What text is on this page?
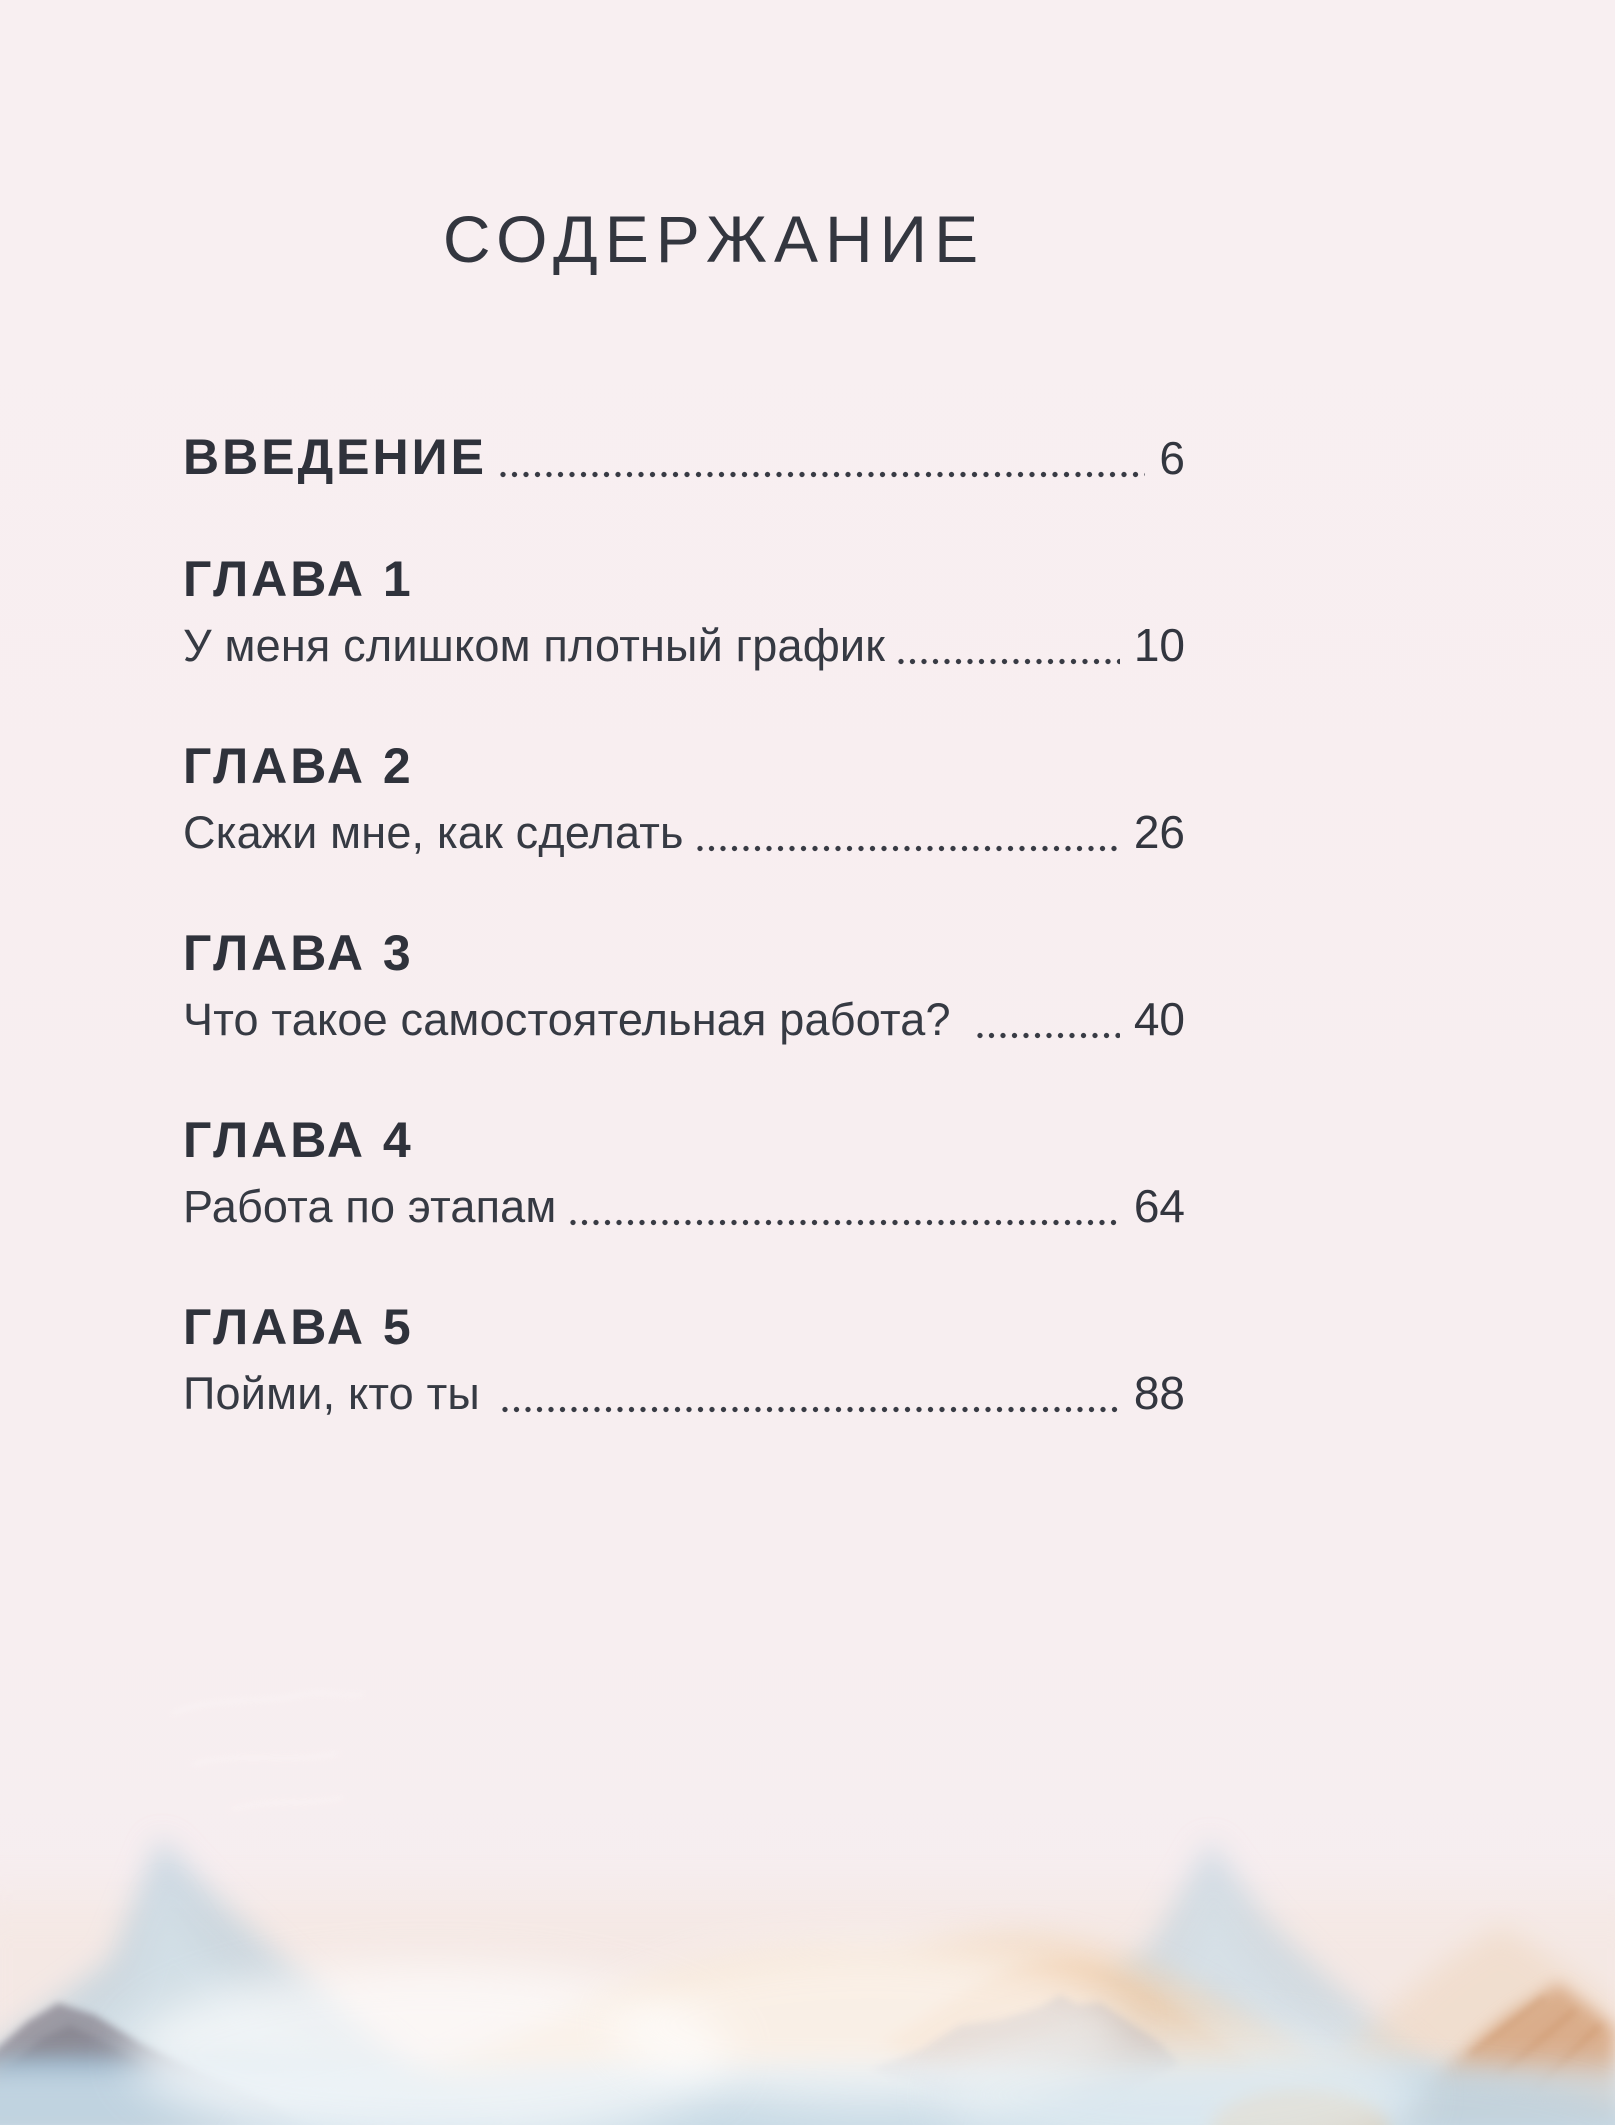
СОДЕРЖАНИЕ
ВВЕДЕНИЕ	6
ГЛАВА 1
У меня слишком плотный график	10
ГЛАВА 2
Скажи мне, как сделать	26
ГЛАВА 3
Что такое самостоятельная работа?	40
ГЛАВА 4
Работа по этапам	64
ГЛАВА 5
Пойми, кто ты	88
